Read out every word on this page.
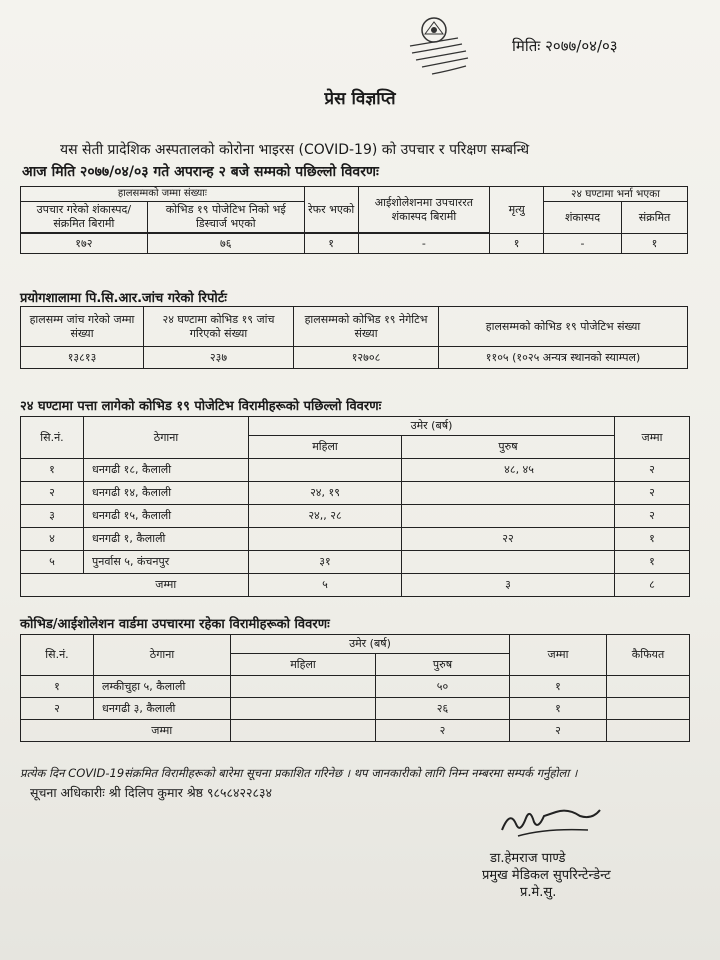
मितिः २०७७/०४/०३
प्रेस विज्ञप्ति
यस सेती प्रादेशिक अस्पतालको कोरोना भाइरस (COVID-19) को उपचार र परिक्षण सम्बन्धि
आज मिति २०७७/०४/०३ गते अपरान्ह २ बजे सम्मको पछिल्लो विवरणः
हालसम्मको जम्मा संख्याः		रेफर भएको	आईशोलेशनमा उपचाररत शंकास्पद बिरामी	मृत्यु	२४ घण्टामा भर्ना भएका	
उपचार गरेको शंकास्पद/संक्रमित बिरामी	कोभिड १९ पोजेटिभ निको भई डिस्चार्ज भएको				शंकास्पद	संक्रमित

१७२	७६	१	-	१	-	१
प्रयोगशालामा पि.सि.आर.जांच गरेको रिपोर्टः
हालसम्म जांच गरेको जम्मा संख्या	२४ घण्टामा कोभिड १९ जांच गरिएको संख्या	हालसम्मको कोभिड १९ नेगेटिभ संख्या	हालसम्मको कोभिड १९ पोजेटिभ संख्या
१३८१३	२३७	१२७०८	११०५ (१०२५ अन्यत्र स्थानको स्याम्पल)
२४ घण्टामा पत्ता लागेको कोभिड १९ पोजेटिभ विरामीहरूको पछिल्लो विवरणः
सि.नं.	ठेगाना	उमेर (बर्ष)		जम्मा
		महिला	पुरुष	
१	धनगढी १८, कैलाली		४८, ४५	२
२	धनगढी १४, कैलाली	२४, १९		२
३	धनगढी १५, कैलाली	२४,, २८		२
४	धनगढी १, कैलाली		२२	१
५	पुनर्वास ५, कंचनपुर	३१		१
	जम्मा	५	३	८
कोभिड/आईशोलेशन वार्डमा उपचारमा रहेका विरामीहरूको विवरणः
सि.नं.	ठेगाना	उमेर (बर्ष)		जम्मा	कैफियत
		महिला	पुरुष		
१	लम्कीचुहा ५, कैलाली		५०	१	
२	धनगढी ३, कैलाली		२६	१	
	जम्मा		२	२	
प्रत्येक दिन COVID-19संक्रमित विरामीहरूको बारेमा सूचना प्रकाशित गरिनेछ । थप जानकारीको लागि निम्न नम्बरमा सम्पर्क गर्नुहोला ।
सूचना अधिकारीः श्री दिलिप कुमार श्रेष्ठ ९८५८४२२८३४
डा.हेमराज पाण्डे
प्रमुख मेडिकल सुपरिन्टेन्डेन्ट
प्र.मे.सु.
